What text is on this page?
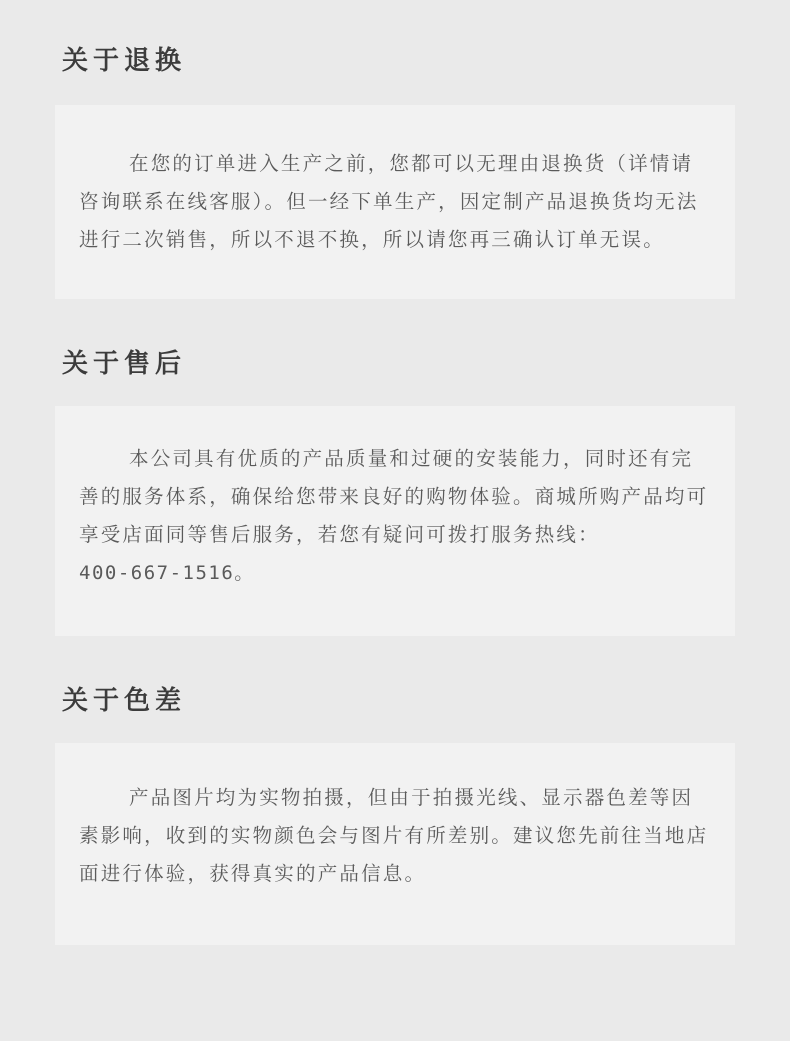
关于退换

在您的订单进入生产之前，您都可以无理由退换货（详情请咨询联系在线客服）。但一经下单生产，因定制产品退换货均无法进行二次销售，所以不退不换，所以请您再三确认订单无误。

关于售后

本公司具有优质的产品质量和过硬的安装能力，同时还有完善的服务体系，确保给您带来良好的购物体验。商城所购产品均可享受店面同等售后服务，若您有疑问可拨打服务热线：

400-667-1516。

关于色差

产品图片均为实物拍摄，但由于拍摄光线、显示器色差等因素影响，收到的实物颜色会与图片有所差别。建议您先前往当地店面进行体验，获得真实的产品信息。
